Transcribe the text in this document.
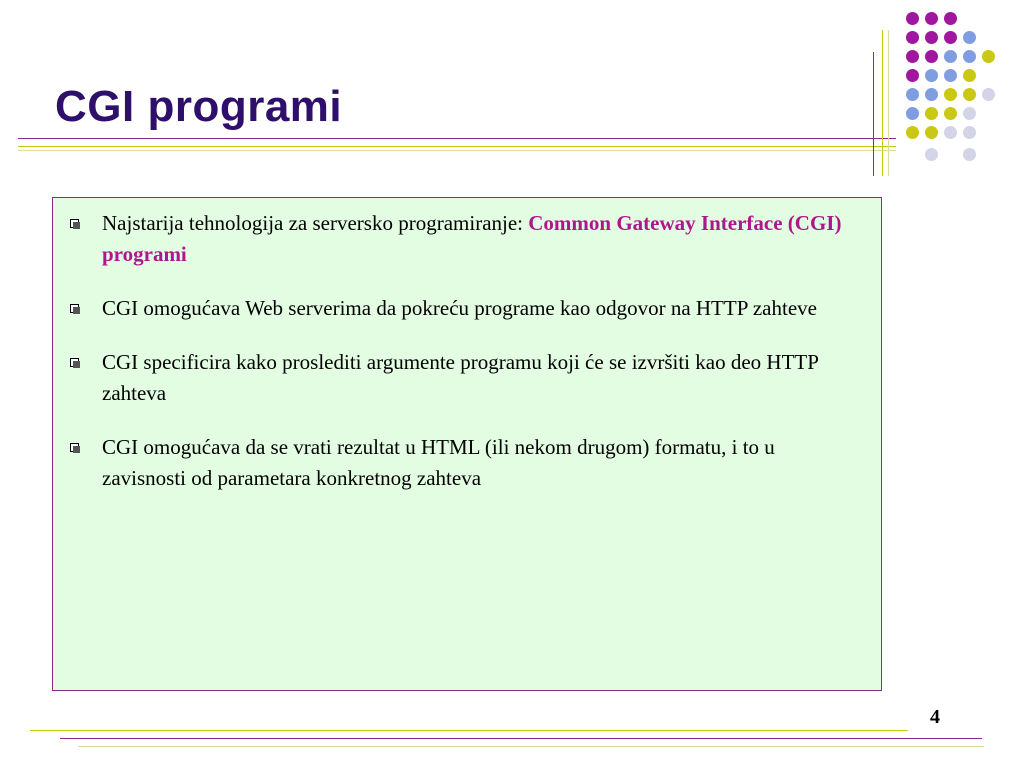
CGI programi
Najstarija tehnologija za serversko programiranje: Common Gateway Interface (CGI) programi
CGI omogućava Web serverima da pokreću programe kao odgovor na HTTP zahteve
CGI specificira kako proslediti argumente programu koji će se izvršiti kao deo HTTP zahteva
CGI omogućava da se vrati rezultat u HTML (ili nekom drugom) formatu, i to u zavisnosti od parametara konkretnog zahteva
4
